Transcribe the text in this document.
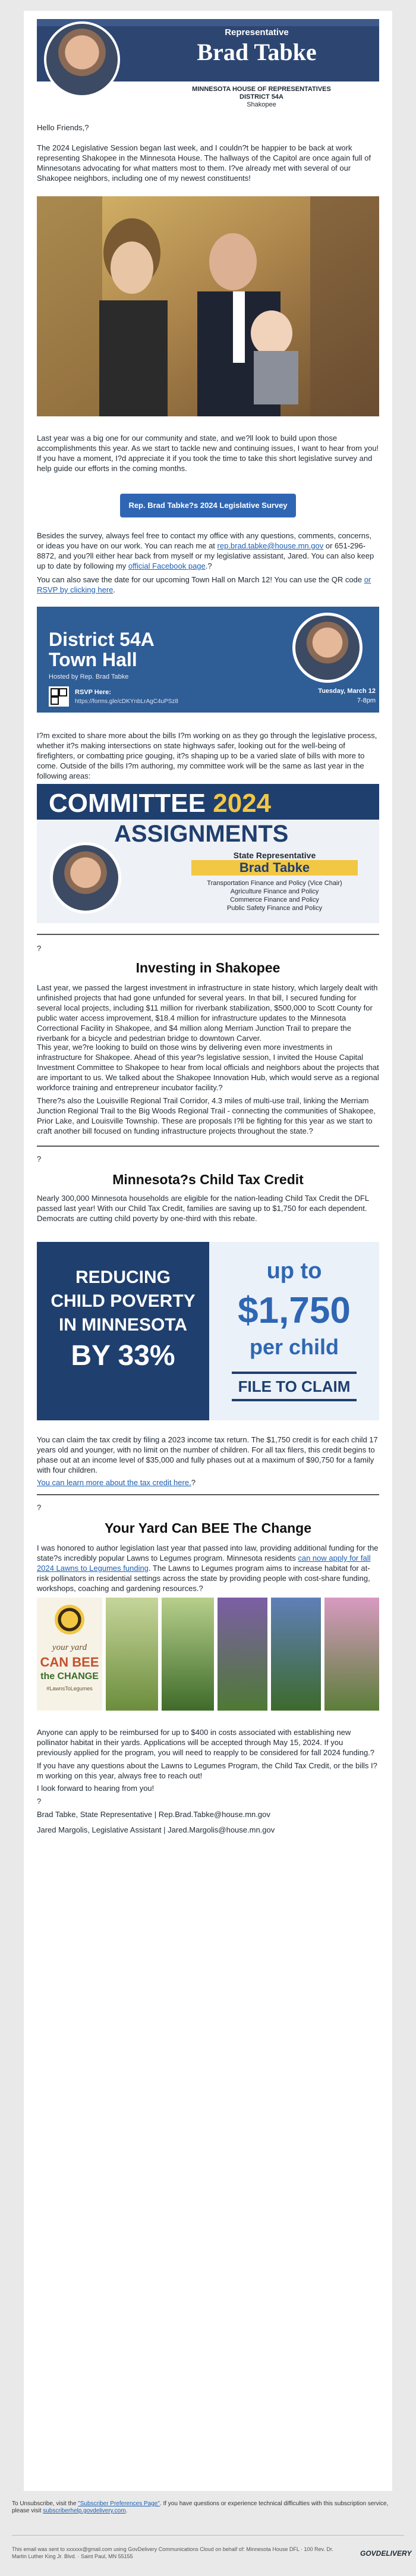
Representative
Brad Tabke
MINNESOTA HOUSE OF REPRESENTATIVES
DISTRICT 54A
Shakopee

Hello Friends,?

The 2024 Legislative Session began last week, and I couldn?t be happier to be back at work representing Shakopee in the Minnesota House. The hallways of the Capitol are once again full of Minnesotans advocating for what matters most to them. I?ve already met with several of our Shakopee neighbors, including one of my newest constituents!

Last year was a big one for our community and state, and we?ll look to build upon those accomplishments this year. As we start to tackle new and continuing issues, I want to hear from you! If you have a moment, I?d appreciate it if you took the time to take this short legislative survey and help guide our efforts in the coming months.

Rep. Brad Tabke?s 2024 Legislative Survey

Besides the survey, always feel free to contact my office with any questions, comments, concerns, or ideas you have on our work. You can reach me at rep.brad.tabke@house.mn.gov or 651-296-8872, and you?ll either hear back from myself or my legislative assistant, Jared. You can also keep up to date by following my official Facebook page.?

You can also save the date for our upcoming Town Hall on March 12! You can use the QR code or RSVP by clicking here.

District 54A Town Hall
Hosted by Rep. Brad Tabke
RSVP Here:
https://forms.gle/cDKYnbLrAgC4uPSz8
Tuesday, March 12
7-8pm

I?m excited to share more about the bills I?m working on as they go through the legislative process, whether it?s making intersections on state highways safer, looking out for the well-being of firefighters, or combatting price gouging, it?s shaping up to be a varied slate of bills with more to come. Outside of the bills I?m authoring, my committee work will be the same as last year in the following areas:

COMMITTEE 2024
ASSIGNMENTS
State Representative
Brad Tabke
Transportation Finance and Policy (Vice Chair)
Agriculture Finance and Policy
Commerce Finance and Policy
Public Safety Finance and Policy

?

Investing in Shakopee

Last year, we passed the largest investment in infrastructure in state history, which largely dealt with unfinished projects that had gone unfunded for several years. In that bill, I secured funding for several local projects, including $11 million for riverbank stabilization, $500,000 to Scott County for public water access improvement, $18.4 million for infrastructure updates to the Minnesota Correctional Facility in Shakopee, and $4 million along Merriam Junction Trail to prepare the riverbank for a bicycle and pedestrian bridge to downtown Carver.

This year, we?re looking to build on those wins by delivering even more investments in infrastructure for Shakopee. Ahead of this year?s legislative session, I invited the House Capital Investment Committee to Shakopee to hear from local officials and neighbors about the projects that are important to us. We talked about the Shakopee Innovation Hub, which would serve as a regional workforce training and entrepreneur incubator facility.?

There?s also the Louisville Regional Trail Corridor, 4.3 miles of multi-use trail, linking the Merriam Junction Regional Trail to the Big Woods Regional Trail - connecting the communities of Shakopee, Prior Lake, and Louisville Township. These are proposals I?ll be fighting for this year as we start to craft another bill focused on funding infrastructure projects throughout the state.?

?

Minnesota?s Child Tax Credit

Nearly 300,000 Minnesota households are eligible for the nation-leading Child Tax Credit the DFL passed last year! With our Child Tax Credit, families are saving up to $1,750 for each dependent. Democrats are cutting child poverty by one-third with this rebate.

REDUCING
CHILD POVERTY
IN MINNESOTA
BY 33%
up to
$1,750
per child
FILE TO CLAIM

You can claim the tax credit by filing a 2023 income tax return. The $1,750 credit is for each child 17 years old and younger, with no limit on the number of children. For all tax filers, this credit begins to phase out at an income level of $35,000 and fully phases out at a maximum of $90,750 for a family with four children.

You can learn more about the tax credit here.?

?

Your Yard Can BEE The Change

I was honored to author legislation last year that passed into law, providing additional funding for the state?s incredibly popular Lawns to Legumes program. Minnesota residents can now apply for fall 2024 Lawns to Legumes funding. The Lawns to Legumes program aims to increase habitat for at-risk pollinators in residential settings across the state by providing people with cost-share funding, workshops, coaching and gardening resources.?

your yard
CAN BEE
the CHANGE
#LawnsToLegumes

Anyone can apply to be reimbursed for up to $400 in costs associated with establishing new pollinator habitat in their yards. Applications will be accepted through May 15, 2024. If you previously applied for the program, you will need to reapply to be considered for fall 2024 funding.?

If you have any questions about the Lawns to Legumes Program, the Child Tax Credit, or the bills I?m working on this year, always free to reach out!

I look forward to hearing from you!

?

Brad Tabke, State Representative | Rep.Brad.Tabke@house.mn.gov

Jared Margolis, Legislative Assistant | Jared.Margolis@house.mn.gov

To Unsubscribe, visit the "Subscriber Preferences Page". If you have questions or experience technical difficulties with this subscription service, please visit subscriberhelp.govdelivery.com.
This email was sent to xxxxxx@gmail.com using GovDelivery Communications Cloud on behalf of: Minnesota House DFL · 100 Rev. Dr. Martin Luther King Jr. Blvd. · Saint Paul, MN 55155	GOVDELIVERY
